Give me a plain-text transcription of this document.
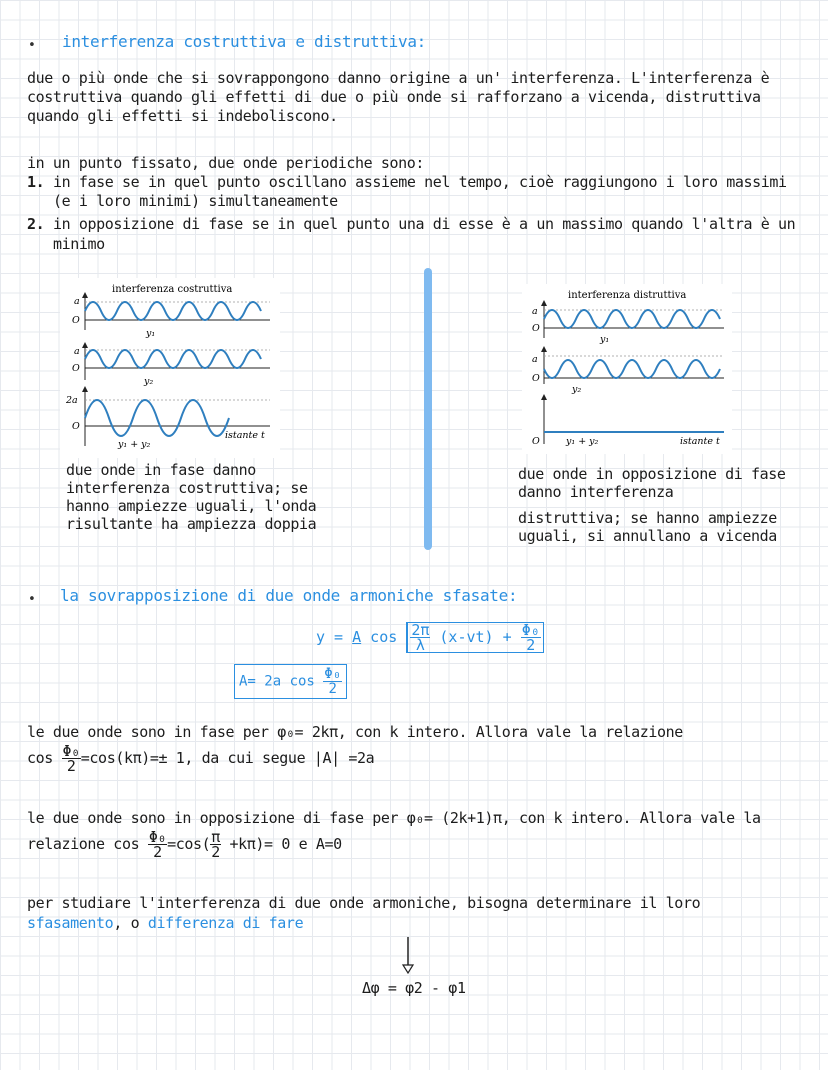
• interferenza costruttiva e distruttiva:
due o più onde che si sovrappongono danno origine a un' interferenza. L'interferenza è
costruttiva quando gli effetti di due o più onde si rafforzano a vicenda, distruttiva
quando gli effetti si indeboliscono.
in un punto fissato, due onde periodiche sono:
1. in fase se in quel punto oscillano assieme nel tempo, cioè raggiungono i loro massimi
(e i loro minimi) simultaneamente
2. in opposizione di fase se in quel punto una di esse è a un massimo quando l'altra è un
minimo
interferenza costruttiva
a
O
y₁
a
O
y₂
2a
O
y₁ + y₂
istante t
due onde in fase danno
interferenza costruttiva; se
hanno ampiezze uguali, l'onda
risultante ha ampiezza doppia
interferenza distruttiva
a
O
y₁
a
O
y₂
O	y₁ + y₂	istante t
due onde in opposizione di fase
danno interferenza
distruttiva; se hanno ampiezze
uguali, si annullano a vicenda
• la sovrapposizione di due onde armoniche sfasate:
y = A $\cos \frac{2\pi}{\lambda} (x-vt) + \frac{\text{Φ₀}}{2}$
A= 2a $\cos \frac{\text{Φ₀}}{2}$
le due onde sono in fase per φ₀= 2kπ, con k intero. Allora vale la relazione
$\cos \frac{\text{Φ₀}}{2} =\cos(k\pi)=\pm 1$, da cui segue |A| =2a
le due onde sono in opposizione di fase per φ₀= (2k+1)π, con k intero. Allora vale la
relazione $\cos \frac{\text{Φ₀}}{2} =\cos( \frac{\pi}{2} +k\pi)= 0$ e A=0
per studiare l'interferenza di due onde armoniche, bisogna determinare il loro
sfasamento, o differenza di fare
Δφ = φ2 - φ1
